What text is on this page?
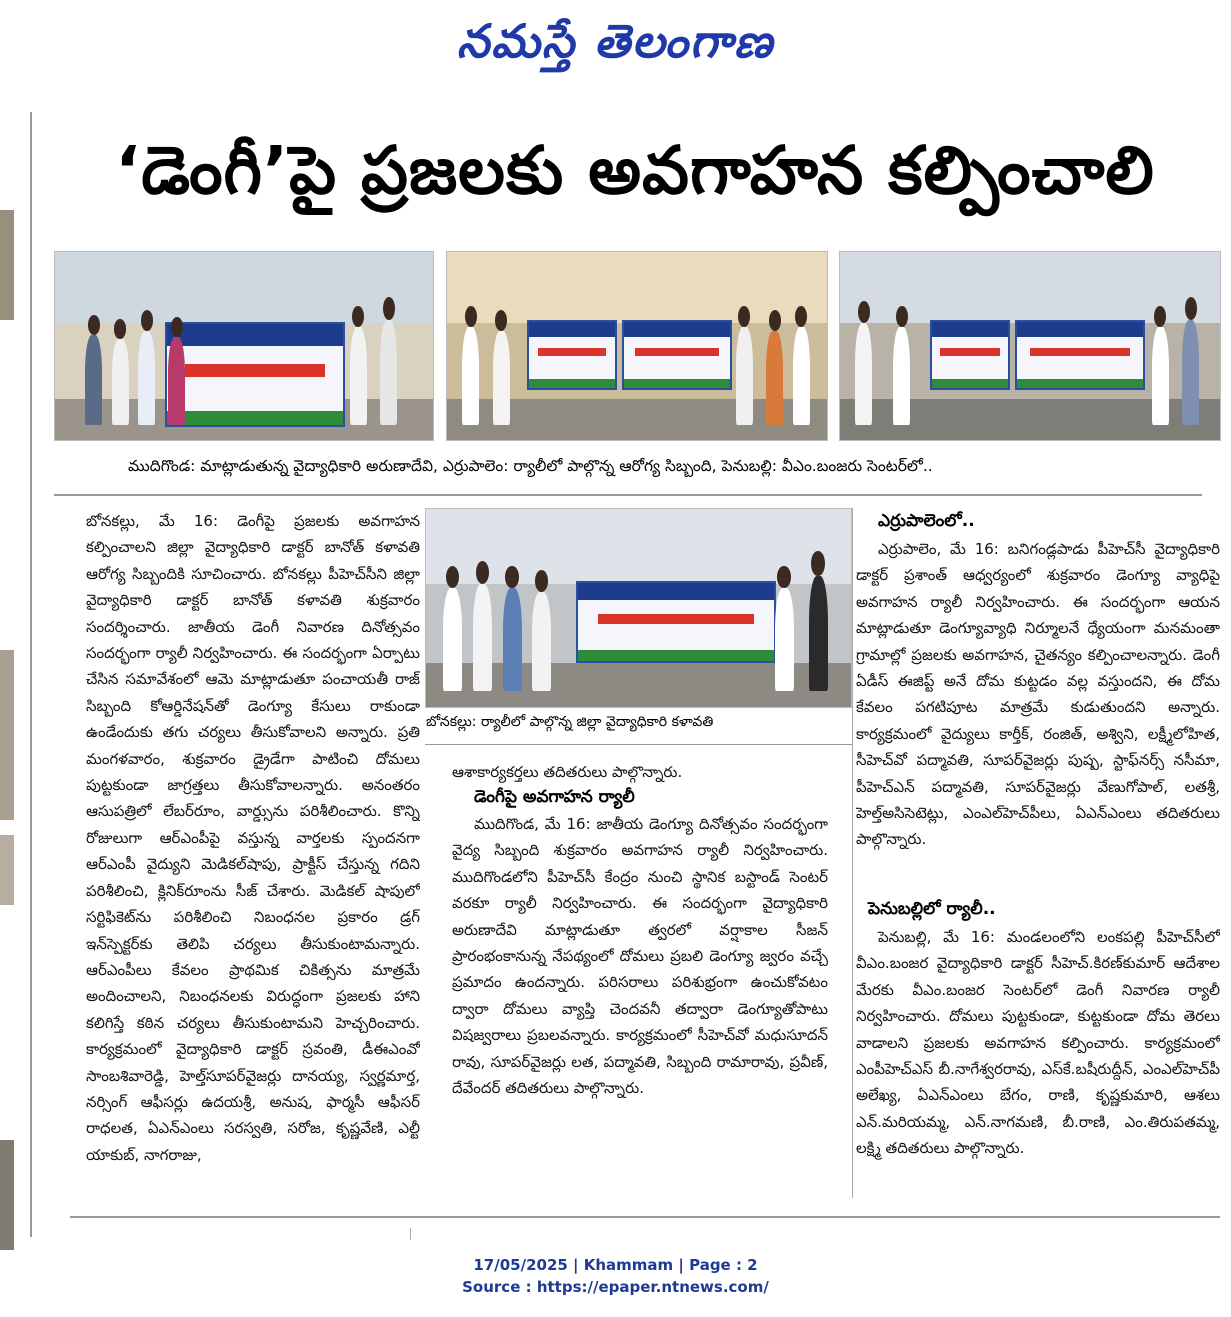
నమస్తే తెలంగాణ
‘డెంగీ’పై ప్రజలకు అవగాహన కల్పించాలి
ముదిగొండ: మాట్లాడుతున్న వైద్యాధికారి అరుణాదేవి, ఎర్రుపాలెం: ర్యాలీలో పాల్గొన్న ఆరోగ్య సిబ్బంది, పెనుబల్లి: వీఎం.బంజరు సెంటర్‌లో..

బోనకల్లు, మే 16: డెంగీపై ప్రజలకు అవగాహన కల్పించాలని జిల్లా వైద్యాధికారి డాక్టర్ బానోత్ కళావతి ఆరోగ్య సిబ్బందికి సూచించారు. బోనకల్లు పీహెచ్‌సీని జిల్లా వైద్యాధికారి డాక్టర్ బానోత్ కళావతి శుక్రవారం సందర్శించారు. జాతీయ డెంగీ నివారణ దినోత్సవం సందర్భంగా ర్యాలీ నిర్వహించారు. ఈ సందర్భంగా ఏర్పాటు చేసిన సమావేశంలో ఆమె మాట్లాడుతూ పంచాయతీ రాజ్ సిబ్బంది కోఆర్డినేషన్‌తో డెంగ్యూ కేసులు రాకుండా ఉండేందుకు తగు చర్యలు తీసుకోవాలని అన్నారు. ప్రతి మంగళవారం, శుక్రవారం డ్రైడేగా పాటించి దోమలు పుట్టకుండా జాగ్రత్తలు తీసుకోవాలన్నారు. అనంతరం ఆసుపత్రిలో లేబర్‌రూం, వార్డ్సును పరిశీలించారు. కొన్ని రోజులుగా ఆర్ఎంపీపై వస్తున్న వార్తలకు స్పందనగా ఆర్ఎంపీ వైద్యుని మెడికల్‌షాపు, ప్రాక్టీస్ చేస్తున్న గదిని పరిశీలించి, క్లినిక్‌రూంను సీజ్ చేశారు. మెడికల్ షాపులో సర్టిఫికెట్‌ను పరిశీలించి నిబంధనల ప్రకారం డ్రగ్ ఇన్‌స్పెక్టర్‌కు తెలిపి చర్యలు తీసుకుంటామన్నారు. ఆర్ఎంపీలు కేవలం ప్రాథమిక చికిత్సను మాత్రమే అందించాలని, నిబంధనలకు విరుద్ధంగా ప్రజలకు హాని కలిగిస్తే కఠిన చర్యలు తీసుకుంటామని హెచ్చరించారు. కార్యక్రమంలో వైద్యాధికారి డాక్టర్ స్రవంతి, డీఈఎంవో సాంబశివారెడ్డి, హెల్త్‌సూపర్‌వైజర్లు దానయ్య, స్వర్ణమార్త, నర్సింగ్ ఆఫీసర్లు ఉదయశ్రీ, అనుష, ఫార్మసీ ఆఫీసర్ రాధలత, ఏఎన్ఎంలు సరస్వతి, సరోజ, కృష్ణవేణి, ఎల్టీ యాకుబ్, నాగరాజు,

బోనకల్లు: ర్యాలీలో పాల్గొన్న జిల్లా వైద్యాధికారి కళావతి

ఆశాకార్యకర్తలు తదితరులు పాల్గొన్నారు.

డెంగీపై అవగాహన ర్యాలీ

ముదిగొండ, మే 16: జాతీయ డెంగ్యూ దినోత్సవం సందర్భంగా వైద్య సిబ్బంది శుక్రవారం అవగాహన ర్యాలీ నిర్వహించారు. ముదిగొండలోని పీహెచ్‌సీ కేంద్రం నుంచి స్థానిక బస్టాండ్ సెంటర్ వరకూ ర్యాలీ నిర్వహించారు. ఈ సందర్భంగా వైద్యాధికారి అరుణాదేవి మాట్లాడుతూ త్వరలో వర్షాకాల సీజన్ ప్రారంభంకానున్న నేపథ్యంలో దోమలు ప్రబలి డెంగ్యూ జ్వరం వచ్చే ప్రమాదం ఉందన్నారు. పరిసరాలు పరిశుభ్రంగా ఉంచుకోవటం ద్వారా దోమలు వ్యాప్తి చెందవనీ తద్వారా డెంగ్యూతోపాటు విషజ్వరాలు ప్రబలవన్నారు. కార్యక్రమంలో సీహెచ్‌వో మధుసూదన్ రావు, సూపర్‌వైజర్లు లత, పద్మావతి, సిబ్బంది రామారావు, ప్రవీణ్, దేవేందర్ తదితరులు పాల్గొన్నారు.

ఎర్రుపాలెంలో..

ఎర్రుపాలెం, మే 16: బనిగండ్లపాడు పీహెచ్‌సీ వైద్యాధికారి డాక్టర్ ప్రశాంత్ ఆధ్వర్యంలో శుక్రవారం డెంగ్యూ వ్యాధిపై అవగాహన ర్యాలీ నిర్వహించారు. ఈ సందర్భంగా ఆయన మాట్లాడుతూ డెంగ్యూవ్యాధి నిర్మూలనే ధ్యేయంగా మనమంతా గ్రామాల్లో ప్రజలకు అవగాహన, చైతన్యం కల్పించాలన్నారు. డెంగీ ఏడీస్ ఈజిప్ట్ అనే దోమ కుట్టడం వల్ల వస్తుందని, ఈ దోమ కేవలం పగటిపూట మాత్రమే కుడుతుందని అన్నారు. కార్యక్రమంలో వైద్యులు కార్తీక్, రంజిత్, అశ్విని, లక్ష్మీలోహిత, సీహెచ్‌వో పద్మావతి, సూపర్‌వైజర్లు పుష్ప, స్టాఫ్‌నర్స్ నసీమా, పీహెచ్ఎన్ పద్మావతి, సూపర్‌వైజర్లు వేణుగోపాల్, లతశ్రీ, హెల్త్‌అసిసెటెట్లు, ఎంఎల్‌హెచ్‌పీలు, ఏఎన్ఎంలు తదితరులు పాల్గొన్నారు.

పెనుబల్లిలో ర్యాలీ..

పెనుబల్లి, మే 16: మండలంలోని లంకపల్లి పీహెచ్‌సీలో వీఎం.బంజర వైద్యాధికారి డాక్టర్ సీహెచ్.కిరణ్‌కుమార్ ఆదేశాల మేరకు వీఎం.బంజర సెంటర్‌లో డెంగీ నివారణ ర్యాలీ నిర్వహించారు. దోమలు పుట్టకుండా, కుట్టకుండా దోమ తెరలు వాడాలని ప్రజలకు అవగాహన కల్పించారు. కార్యక్రమంలో ఎంపీహెచ్ఎస్ బీ.నాగేశ్వరరావు, ఎస్‌కే.బషీరుద్దీన్, ఎంఎల్‌హెచ్‌పీ అలేఖ్య, ఏఎన్ఎంలు బేగం, రాణి, కృష్ణకుమారి, ఆశలు ఎన్.మరియమ్మ, ఎన్.నాగమణి, బీ.రాణి, ఎం.తిరుపతమ్మ, లక్ష్మి తదితరులు పాల్గొన్నారు.

17/05/2025 | Khammam | Page : 2
Source : https://epaper.ntnews.com/
